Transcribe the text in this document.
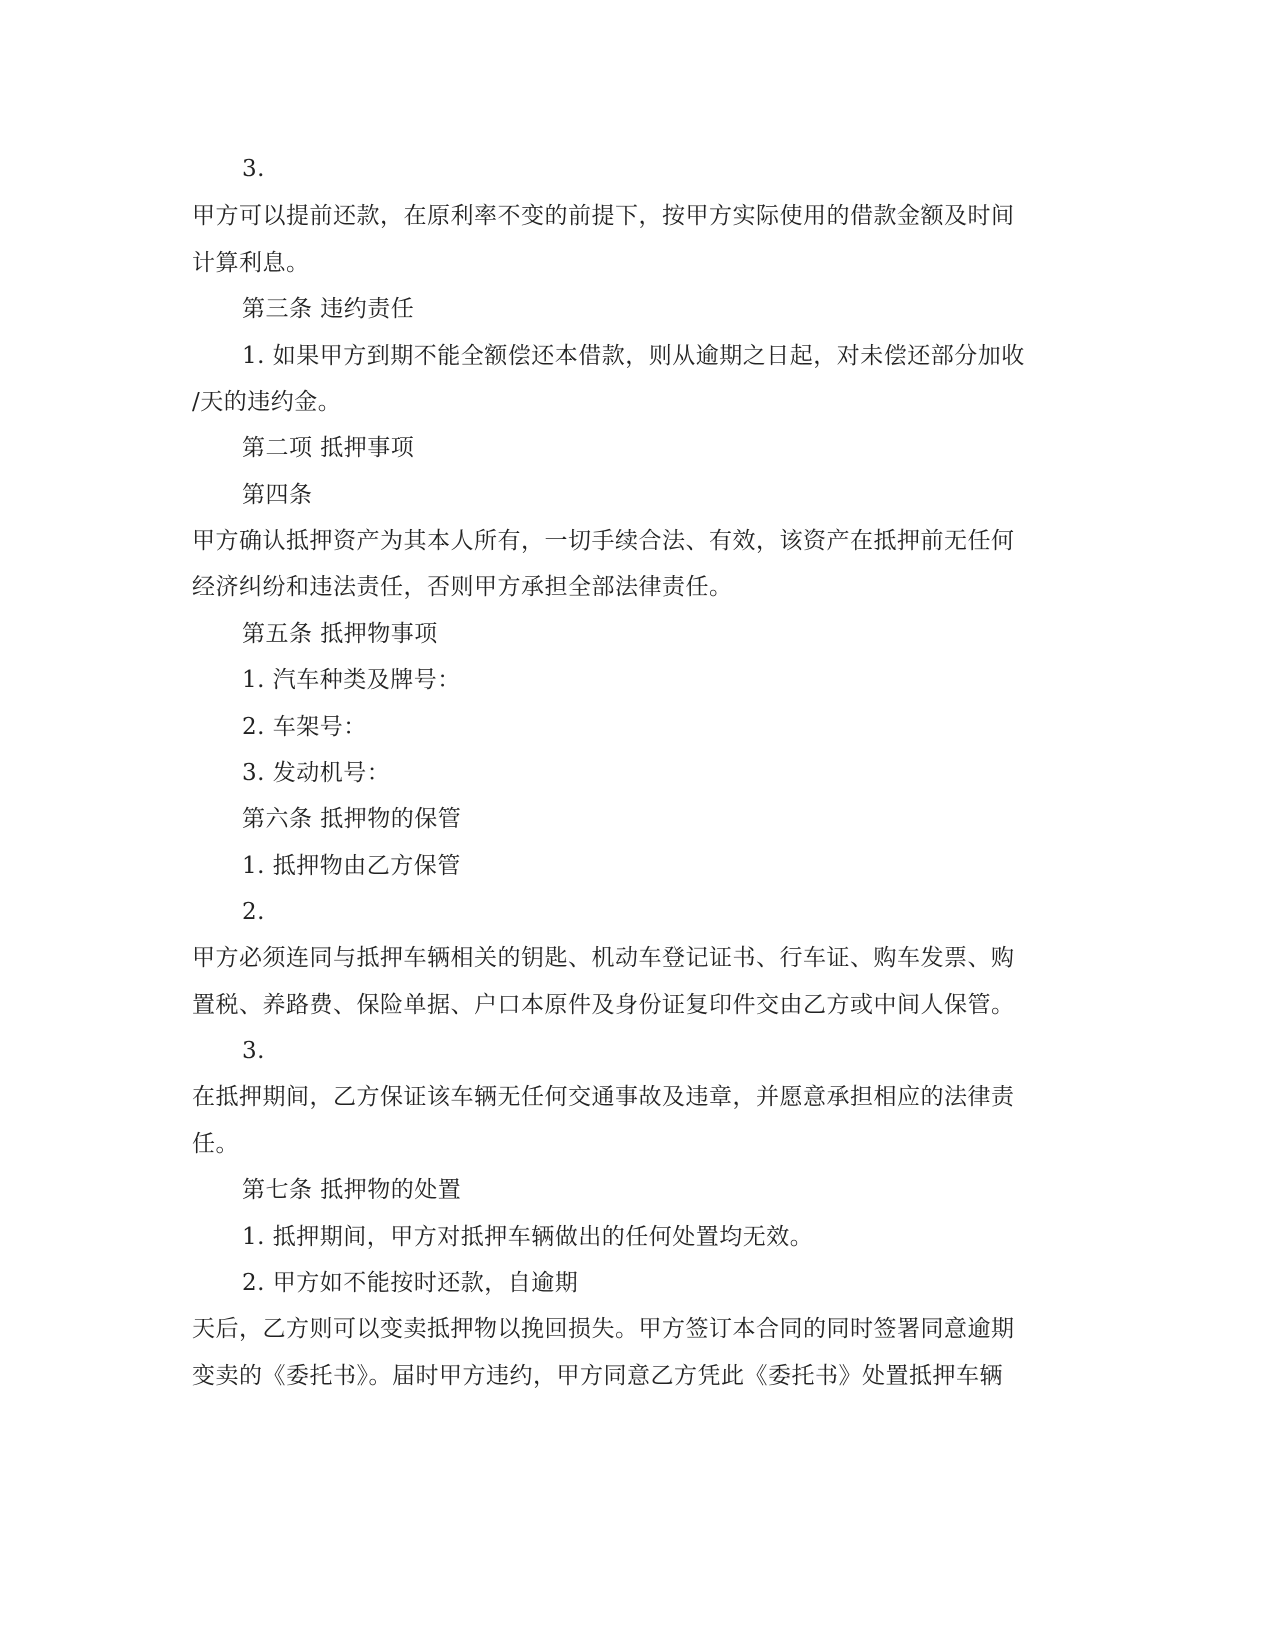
3.
甲方可以提前还款，在原利率不变的前提下，按甲方实际使用的借款金额及时间
计算利息。
第三条 违约责任
1. 如果甲方到期不能全额偿还本借款，则从逾期之日起，对未偿还部分加收
/天的违约金。
第二项 抵押事项
第四条
甲方确认抵押资产为其本人所有，一切手续合法、有效，该资产在抵押前无任何
经济纠纷和违法责任，否则甲方承担全部法律责任。
第五条 抵押物事项
1. 汽车种类及牌号：
2. 车架号：
3. 发动机号：
第六条 抵押物的保管
1. 抵押物由乙方保管
2.
甲方必须连同与抵押车辆相关的钥匙、机动车登记证书、行车证、购车发票、购
置税、养路费、保险单据、户口本原件及身份证复印件交由乙方或中间人保管。
3.
在抵押期间，乙方保证该车辆无任何交通事故及违章，并愿意承担相应的法律责
任。
第七条 抵押物的处置
1. 抵押期间，甲方对抵押车辆做出的任何处置均无效。
2. 甲方如不能按时还款，自逾期
天后，乙方则可以变卖抵押物以挽回损失。甲方签订本合同的同时签署同意逾期
变卖的《委托书》。届时甲方违约，甲方同意乙方凭此《委托书》处置抵押车辆
